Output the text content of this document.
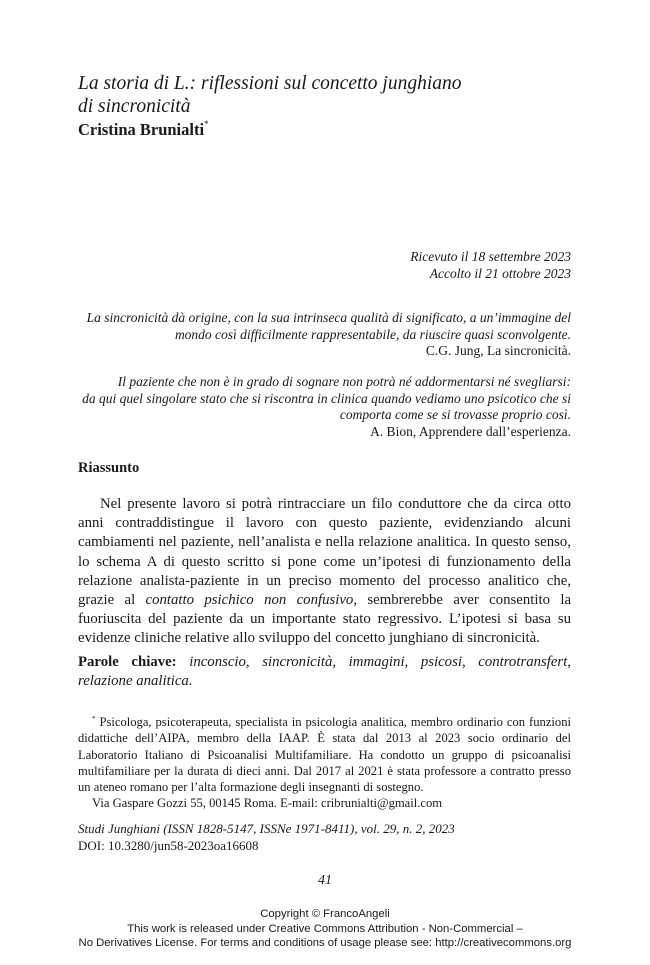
La storia di L.: riflessioni sul concetto junghiano
di sincronicità
Cristina Brunialti*
Ricevuto il 18 settembre 2023
Accolto il 21 ottobre 2023
La sincronicità dà origine, con la sua intrinseca qualità di significato, a un’immagine del
mondo così difficilmente rappresentabile, da riuscire quasi sconvolgente.
C.G. Jung, La sincronicità.
Il paziente che non è in grado di sognare non potrà né addormentarsi né svegliarsi:
da qui quel singolare stato che si riscontra in clinica quando vediamo uno psicotico che si
comporta come se si trovasse proprio così.
A. Bion, Apprendere dall’esperienza.
Riassunto
Nel presente lavoro si potrà rintracciare un filo conduttore che da circa otto anni contraddistingue il lavoro con questo paziente, evidenziando alcuni cambiamenti nel paziente, nell’analista e nella relazione analitica. In questo senso, lo schema A di questo scritto si pone come un’ipotesi di funzionamento della relazione analista-paziente in un preciso momento del processo analitico che, grazie al contatto psichico non confusivo, sembrerebbe aver consentito la fuoriuscita del paziente da un importante stato regressivo. L’ipotesi si basa su evidenze cliniche relative allo sviluppo del concetto junghiano di sincronicità.
Parole chiave: inconscio, sincronicità, immagini, psicosi, controtransfert, relazione analitica.
* Psicologa, psicoterapeuta, specialista in psicologia analitica, membro ordinario con funzioni didattiche dell’AIPA, membro della IAAP. È stata dal 2013 al 2023 socio ordinario del Laboratorio Italiano di Psicoanalisi Multifamiliare. Ha condotto un gruppo di psicoanalisi multifamiliare per la durata di dieci anni. Dal 2017 al 2021 è stata professore a contratto presso un ateneo romano per l’alta formazione degli insegnanti di sostegno.
Via Gaspare Gozzi 55, 00145 Roma. E-mail: cribrunialti@gmail.com
Studi Junghiani (ISSN 1828-5147, ISSNe 1971-8411), vol. 29, n. 2, 2023
DOI: 10.3280/jun58-2023oa16608
41
Copyright © FrancoAngeli
This work is released under Creative Commons Attribution - Non-Commercial –
No Derivatives License. For terms and conditions of usage please see: http://creativecommons.org
